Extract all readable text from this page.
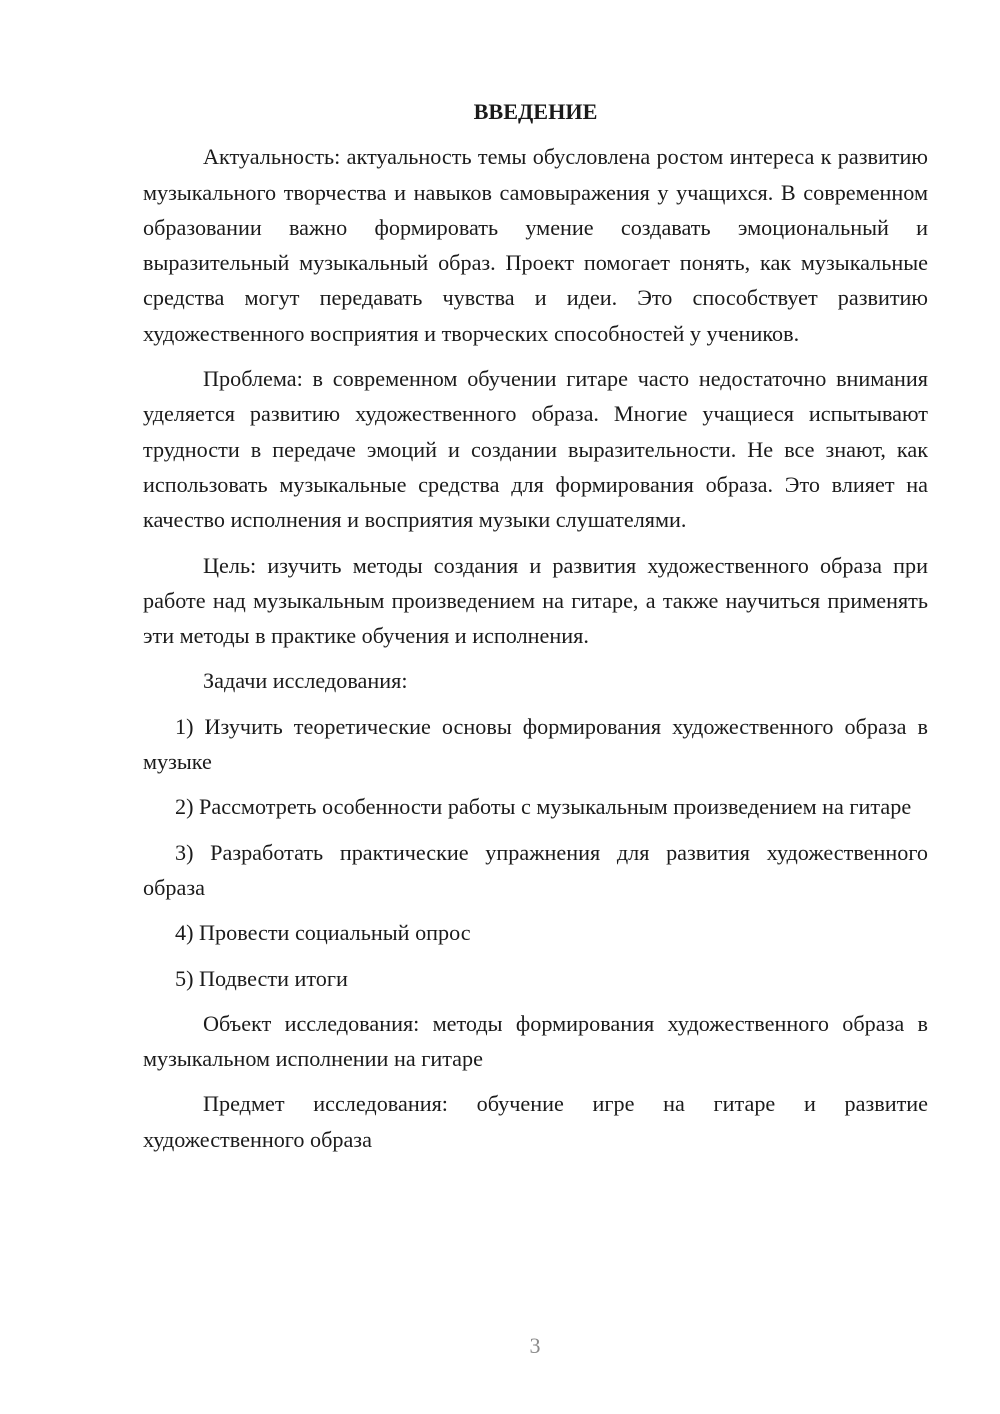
ВВЕДЕНИЕ

Актуальность: актуальность темы обусловлена ростом интереса к развитию музыкального творчества и навыков самовыражения у учащихся. В современном образовании важно формировать умение создавать эмоциональный и выразительный музыкальный образ. Проект помогает понять, как музыкальные средства могут передавать чувства и идеи. Это способствует развитию художественного восприятия и творческих способностей у учеников.

Проблема: в современном обучении гитаре часто недостаточно внимания уделяется развитию художественного образа. Многие учащиеся испытывают трудности в передаче эмоций и создании выразительности. Не все знают, как использовать музыкальные средства для формирования образа. Это влияет на качество исполнения и восприятия музыки слушателями.

Цель: изучить методы создания и развития художественного образа при работе над музыкальным произведением на гитаре, а также научиться применять эти методы в практике обучения и исполнения.

Задачи исследования:

1) Изучить теоретические основы формирования художественного образа в музыке

2) Рассмотреть особенности работы с музыкальным произведением на гитаре

3) Разработать практические упражнения для развития художественного образа

4) Провести социальный опрос

5) Подвести итоги

Объект исследования: методы формирования художественного образа в музыкальном исполнении на гитаре

Предмет исследования: обучение игре на гитаре и развитие художественного образа

3
